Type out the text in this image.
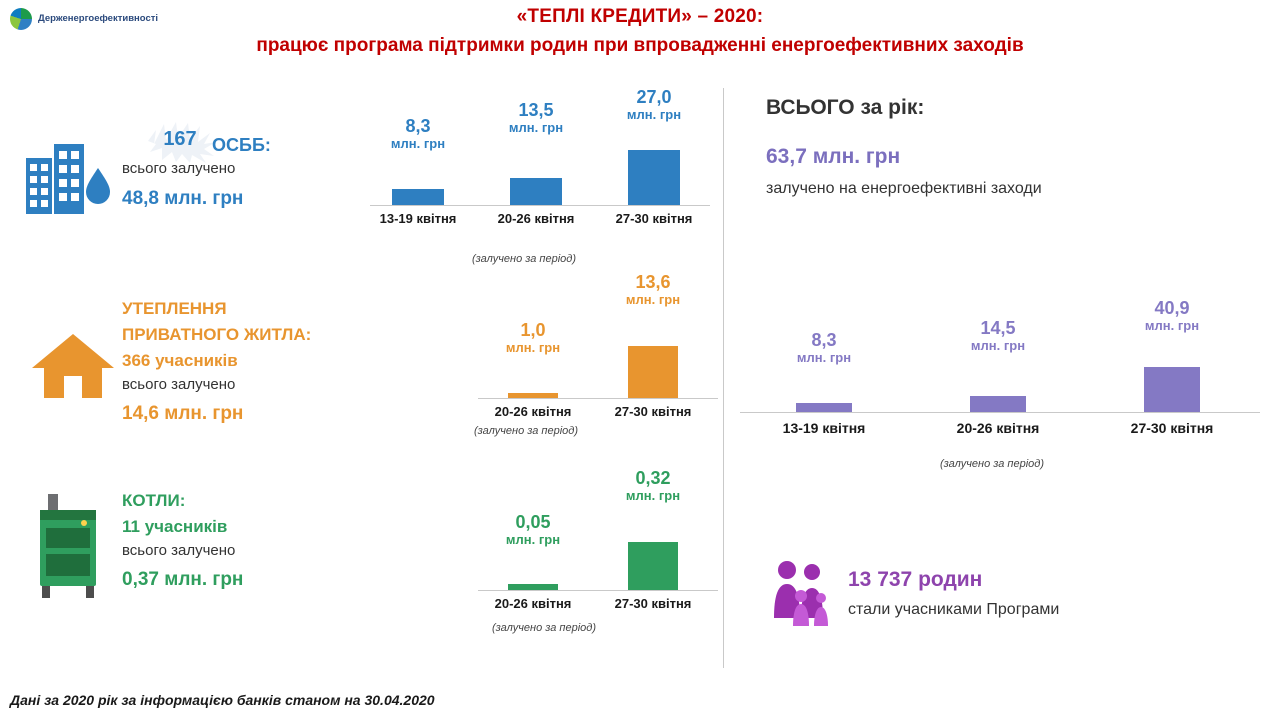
Держенергоефективності	«ТЕПЛІ КРЕДИТИ» – 2020:
працює програма підтримки родин при впровадженні енергоефективних заходів
167 ОСББ:
всього залучено
48,8 млн. грн
УТЕПЛЕННЯ
ПРИВАТНОГО ЖИТЛА:
366 учасників
всього залучено
14,6 млн. грн
КОТЛИ:
11 учасників
всього залучено
0,37 млн. грн
8,3
млн. грн
13,5
млн. грн
27,0
млн. грн
13-19 квітня	20-26 квітня	27-30 квітня
(залучено за період)
1,0
млн. грн
13,6
млн. грн
20-26 квітня	27-30 квітня
(залучено за період)
0,05
млн. грн
0,32
млн. грн
20-26 квітня	27-30 квітня
(залучено за період)
ВСЬОГО за рік:
63,7 млн. грн
залучено на енергоефективні заходи
8,3
млн. грн
14,5
млн. грн
40,9
млн. грн
13-19 квітня	20-26 квітня	27-30 квітня
(залучено за період)
13 737 родин
стали учасниками Програми
Дані за 2020 рік за інформацією банків станом на 30.04.2020
